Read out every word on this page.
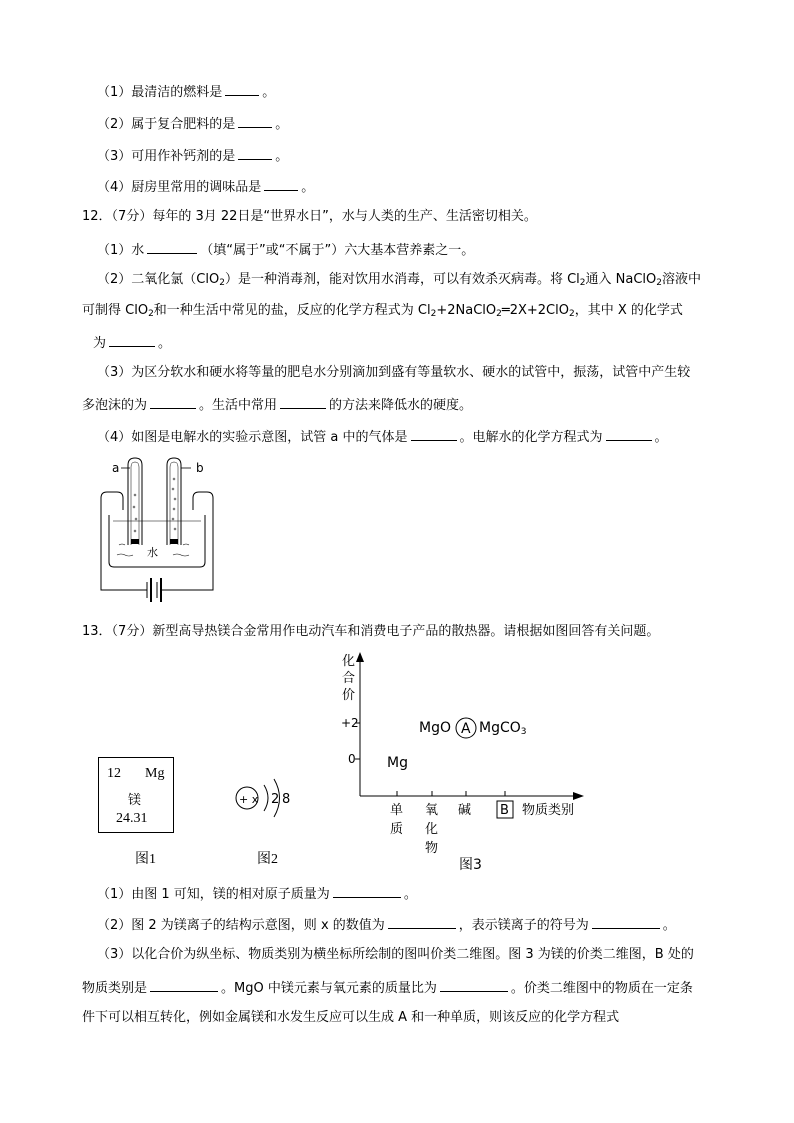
（1）最清洁的燃料是	。
（2）属于复合肥料的是	。
（3）可用作补钙剂的是	。
（4）厨房里常用的调味品是	。
12．（7分）每年的 3月 22日是“世界水日”，水与人类的生产、生活密切相关。
（1）水	（填“属于”或“不属于”）六大基本营养素之一。
（2）二氧化氯（ClO$_2$）是一种消毒剂，能对饮用水消毒，可以有效杀灭病毒。将 $Cl_2$通入 NaClO$_2$溶液中
可制得 ClO$_2$和一种生活中常见的盐，反应的化学方程式为 $Cl_2+2NaClO_2═2X+2ClO_2$，其中 X 的化学式
为	。
（3）为区分软水和硬水将等量的肥皂水分别滴加到盛有等量软水、硬水的试管中，振荡，试管中产生较
多泡沫的为	。生活中常用	的方法来降低水的硬度。
（4）如图是电解水的实验示意图，试管 a 中的气体是	。电解水的化学方程式为	。
a	b
水
13．（7分）新型高导热镁合金常用作电动汽车和消费电子产品的散热器。请根据如图回答有关问题。
12 Mg
镁
24.31
图1
+ x 2 8
图2
化
合
价
+2
0
单
质
氧
化
物
碱 B 物质类别
MgO A MgCO3
Mg
图3
（1）由图 1 可知，镁的相对原子质量为	。
（2）图 2 为镁离子的结构示意图，则 x 的数值为	，表示镁离子的符号为	。
（3）以化合价为纵坐标、物质类别为横坐标所绘制的图叫价类二维图。图 3 为镁的价类二维图，B 处的
物质类别是	。MgO 中镁元素与氧元素的质量比为	。价类二维图中的物质在一定条
件下可以相互转化，例如金属镁和水发生反应可以生成 A 和一种单质，则该反应的化学方程式
